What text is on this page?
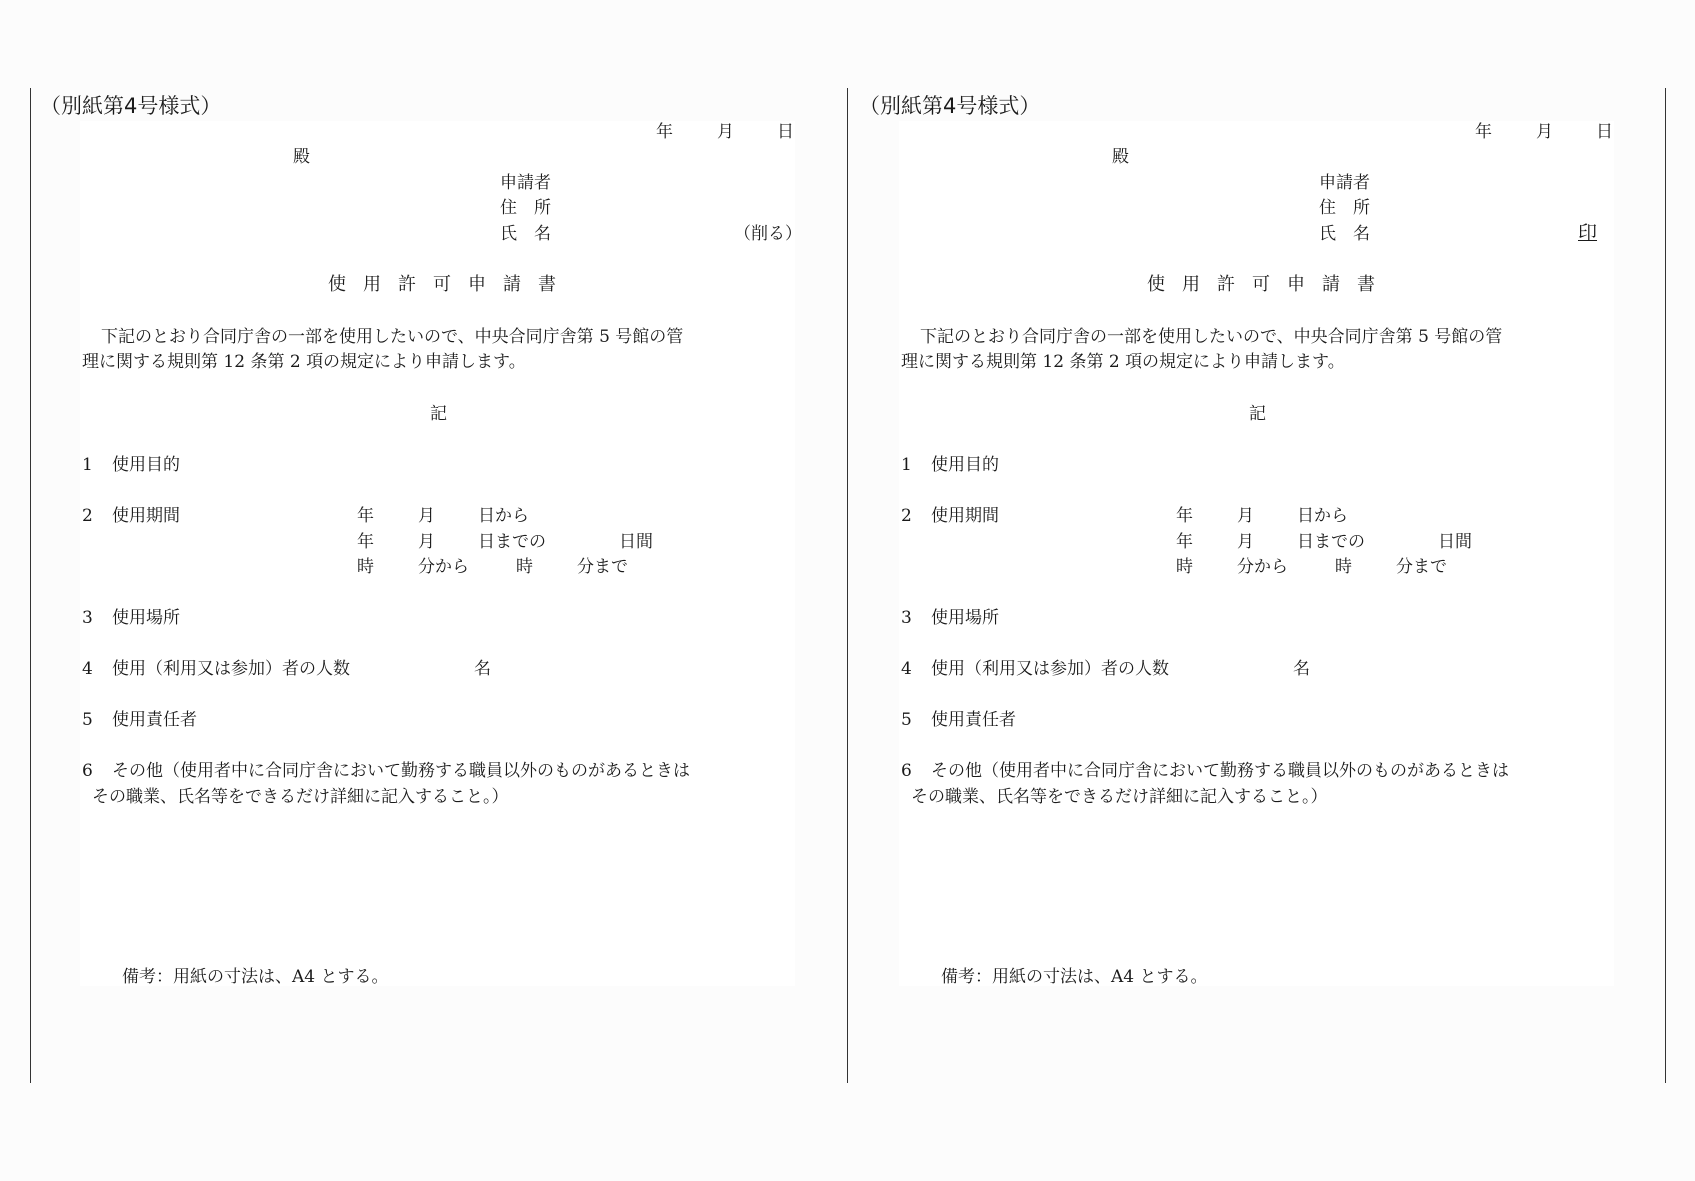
（別紙第4号様式）
年	月	日
殿
申請者
住　所
氏　名	（削る）
使用許可申請書
下記のとおり合同庁舎の一部を使用したいので、中央合同庁舎第 5 号館の管
理に関する規則第 12 条第 2 項の規定により申請します。
記
1 使用目的
2 使用期間	年	月	日から
年	月	日までの	日間
時	分から	時	分まで
3 使用場所
4 使用（利用又は参加）者の人数	名
5 使用責任者
6 その他（使用者中に合同庁舎において勤務する職員以外のものがあるときは
その職業、氏名等をできるだけ詳細に記入すること。）
備考：用紙の寸法は、A4 とする。
（別紙第4号様式）
年	月	日
殿
申請者
住　所
氏　名	印
使用許可申請書
下記のとおり合同庁舎の一部を使用したいので、中央合同庁舎第 5 号館の管
理に関する規則第 12 条第 2 項の規定により申請します。
記
1 使用目的
2 使用期間	年	月	日から
年	月	日までの	日間
時	分から	時	分まで
3 使用場所
4 使用（利用又は参加）者の人数	名
5 使用責任者
6 その他（使用者中に合同庁舎において勤務する職員以外のものがあるときは
その職業、氏名等をできるだけ詳細に記入すること。）
備考：用紙の寸法は、A4 とする。
